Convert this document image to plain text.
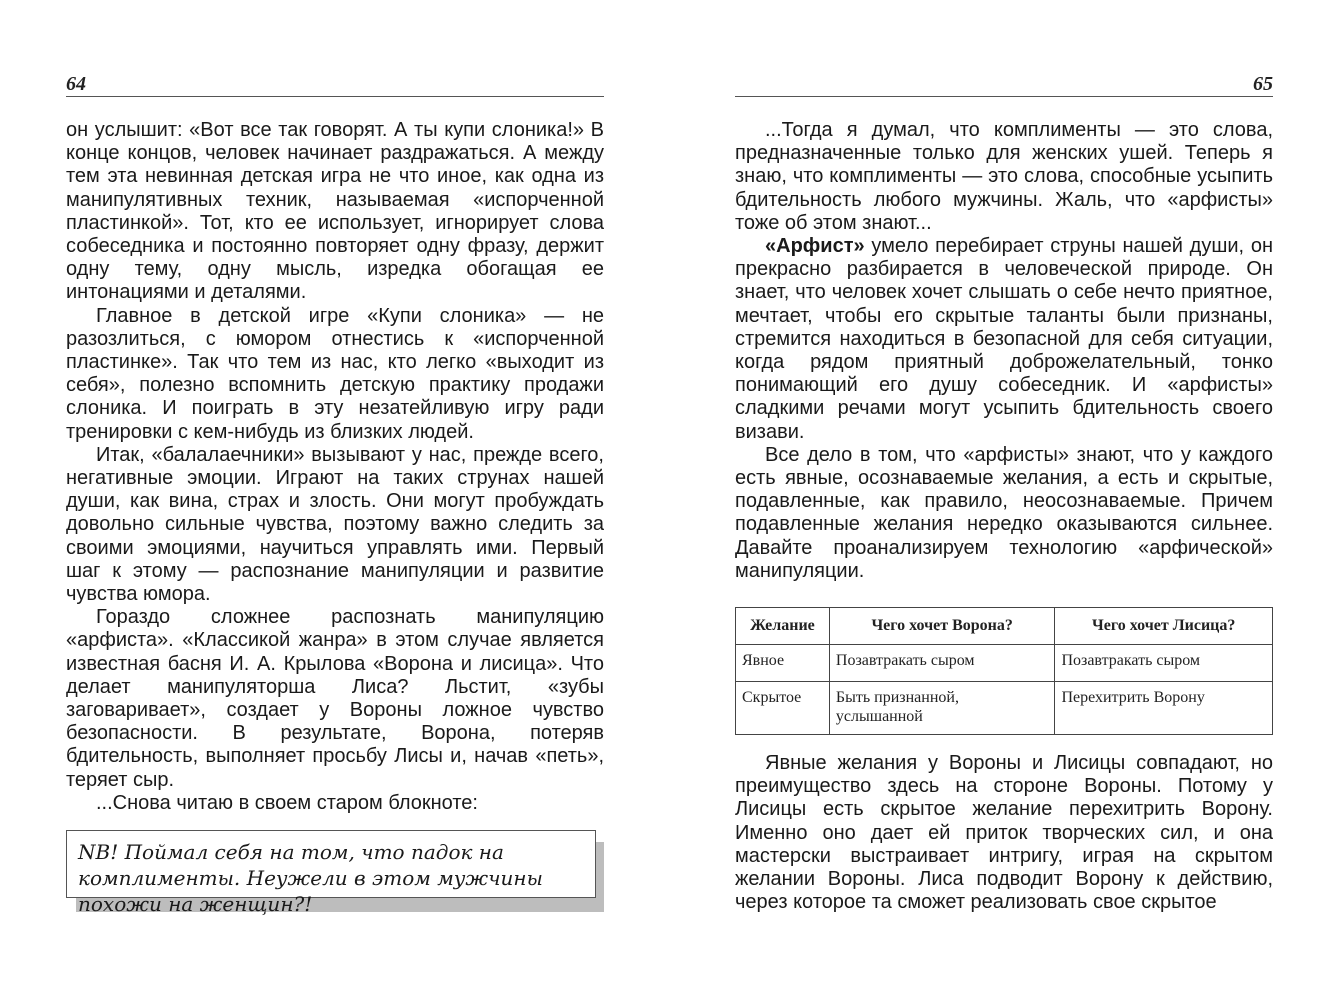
64

он услышит: «Вот все так говорят. А ты купи слоника!» В конце концов, человек начинает раздражаться. А между тем эта невинная детская игра не что иное, как одна из манипулятивных техник, называемая «испорченной пластинкой». Тот, кто ее использует, игнорирует слова собеседника и постоянно повторяет одну фразу, держит одну тему, одну мысль, изредка обогащая ее интонациями и деталями.

Главное в детской игре «Купи слоника» — не разозлиться, с юмором отнестись к «испорченной пластинке». Так что тем из нас, кто легко «выходит из себя», полезно вспомнить детскую практику продажи слоника. И поиграть в эту незатейливую игру ради тренировки с кем-нибудь из близких людей.

Итак, «балалаечники» вызывают у нас, прежде всего, негативные эмоции. Играют на таких струнах нашей души, как вина, страх и злость. Они могут пробуждать довольно сильные чувства, поэтому важно следить за своими эмоциями, научиться управлять ими. Первый шаг к этому — распознание манипуляции и развитие чувства юмора.

Гораздо сложнее распознать манипуляцию «арфиста». «Классикой жанра» в этом случае является известная басня И. А. Крылова «Ворона и лисица». Что делает манипуляторша Лиса? Льстит, «зубы заговаривает», создает у Вороны ложное чувство безопасности. В результате, Ворона, потеряв бдительность, выполняет просьбу Лисы и, начав «петь», теряет сыр.

...Снова читаю в своем старом блокноте:

NB! Поймал себя на том, что падок на комплименты. Неужели в этом мужчины похожи на женщин?!
65

...Тогда я думал, что комплименты — это слова, предназначенные только для женских ушей. Теперь я знаю, что комплименты — это слова, способные усыпить бдительность любого мужчины. Жаль, что «арфисты» тоже об этом знают...

«Арфист» умело перебирает струны нашей души, он прекрасно разбирается в человеческой природе. Он знает, что человек хочет слышать о себе нечто приятное, мечтает, чтобы его скрытые таланты были признаны, стремится находиться в безопасной для себя ситуации, когда рядом приятный доброжелательный, тонко понимающий его душу собеседник. И «арфисты» сладкими речами могут усыпить бдительность своего визави.

Все дело в том, что «арфисты» знают, что у каждого есть явные, осознаваемые желания, а есть и скрытые, подавленные, как правило, неосознаваемые. Причем подавленные желания нередко оказываются сильнее. Давайте проанализируем технологию «арфической» манипуляции.

Желание	Чего хочет Ворона?	Чего хочет Лисица?
Явное	Позавтракать сыром	Позавтракать сыром
Скрытое	Быть признанной, услышанной	Перехитрить Ворону

Явные желания у Вороны и Лисицы совпадают, но преимущество здесь на стороне Вороны. Потому у Лисицы есть скрытое желание перехитрить Ворону. Именно оно дает ей приток творческих сил, и она мастерски выстраивает интригу, играя на скрытом желании Вороны. Лиса подводит Ворону к действию, через которое та сможет реализовать свое скрытое
